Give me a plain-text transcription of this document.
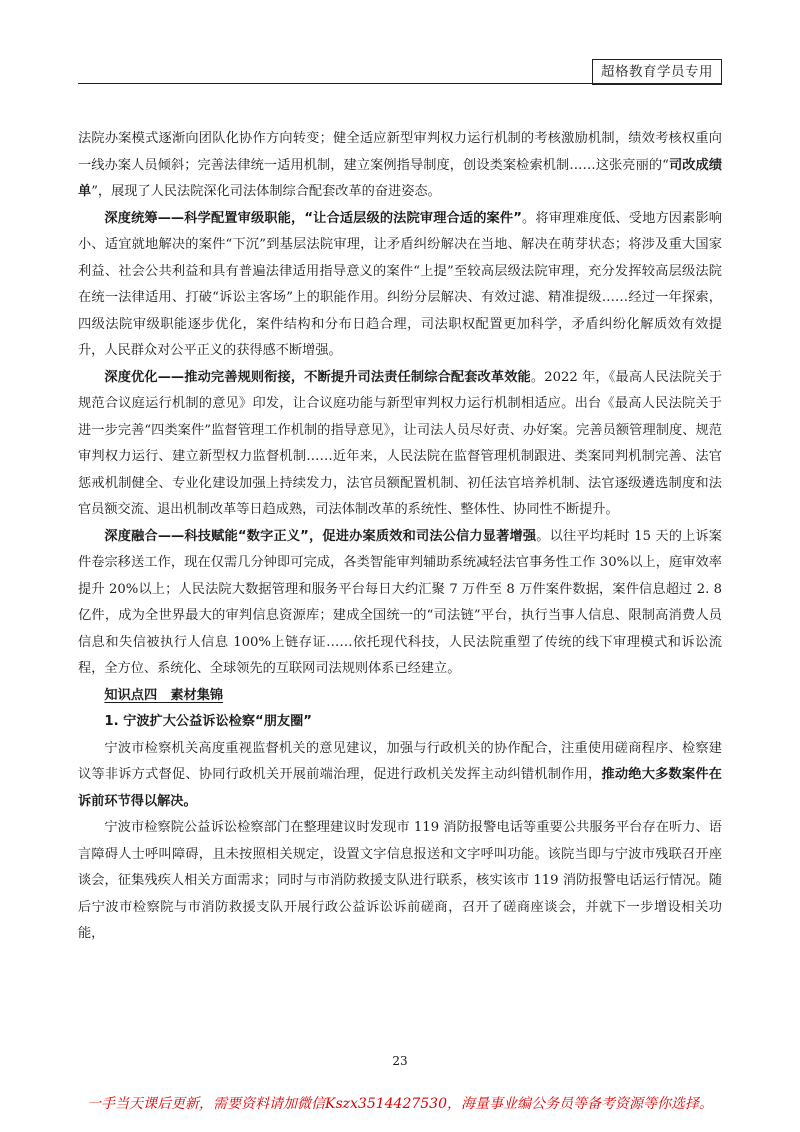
超格教育学员专用

法院办案模式逐渐向团队化协作方向转变；健全适应新型审判权力运行机制的考核激励机制，绩效考核权重向一线办案人员倾斜；完善法律统一适用机制，建立案例指导制度，创设类案检索机制……这张亮丽的“司改成绩单”，展现了人民法院深化司法体制综合配套改革的奋进姿态。

深度统筹——科学配置审级职能，“让合适层级的法院审理合适的案件”。将审理难度低、受地方因素影响小、适宜就地解决的案件“下沉”到基层法院审理，让矛盾纠纷解决在当地、解决在萌芽状态；将涉及重大国家利益、社会公共利益和具有普遍法律适用指导意义的案件“上提”至较高层级法院审理，充分发挥较高层级法院在统一法律适用、打破“诉讼主客场”上的职能作用。纠纷分层解决、有效过滤、精准提级……经过一年探索，四级法院审级职能逐步优化，案件结构和分布日趋合理，司法职权配置更加科学，矛盾纠纷化解质效有效提升，人民群众对公平正义的获得感不断增强。

深度优化——推动完善规则衔接，不断提升司法责任制综合配套改革效能。2022 年，《最高人民法院关于规范合议庭运行机制的意见》印发，让合议庭功能与新型审判权力运行机制相适应。出台《最高人民法院关于进一步完善“四类案件”监督管理工作机制的指导意见》，让司法人员尽好责、办好案。完善员额管理制度、规范审判权力运行、建立新型权力监督机制……近年来，人民法院在监督管理机制跟进、类案同判机制完善、法官惩戒机制健全、专业化建设加强上持续发力，法官员额配置机制、初任法官培养机制、法官逐级遴选制度和法官员额交流、退出机制改革等日趋成熟，司法体制改革的系统性、整体性、协同性不断提升。

深度融合——科技赋能“数字正义”，促进办案质效和司法公信力显著增强。以往平均耗时 15 天的上诉案件卷宗移送工作，现在仅需几分钟即可完成，各类智能审判辅助系统减轻法官事务性工作 30%以上，庭审效率提升 20%以上；人民法院大数据管理和服务平台每日大约汇聚 7 万件至 8 万件案件数据，案件信息超过 2. 8 亿件，成为全世界最大的审判信息资源库；建成全国统一的“司法链”平台，执行当事人信息、限制高消费人员信息和失信被执行人信息 100%上链存证……依托现代科技，人民法院重塑了传统的线下审理模式和诉讼流程，全方位、系统化、全球领先的互联网司法规则体系已经建立。

知识点四　素材集锦
1. 宁波扩大公益诉讼检察“朋友圈”

宁波市检察机关高度重视监督机关的意见建议，加强与行政机关的协作配合，注重使用磋商程序、检察建议等非诉方式督促、协同行政机关开展前端治理，促进行政机关发挥主动纠错机制作用，推动绝大多数案件在诉前环节得以解决。

宁波市检察院公益诉讼检察部门在整理建议时发现市 119 消防报警电话等重要公共服务平台存在听力、语言障碍人士呼叫障碍，且未按照相关规定，设置文字信息报送和文字呼叫功能。该院当即与宁波市残联召开座谈会，征集残疾人相关方面需求；同时与市消防救援支队进行联系，核实该市 119 消防报警电话运行情况。随后宁波市检察院与市消防救援支队开展行政公益诉讼诉前磋商，召开了磋商座谈会，并就下一步增设相关功能，

23
一手当天课后更新，需要资料请加微信Kszx3514427530，海量事业编公务员等备考资源等你选择。
